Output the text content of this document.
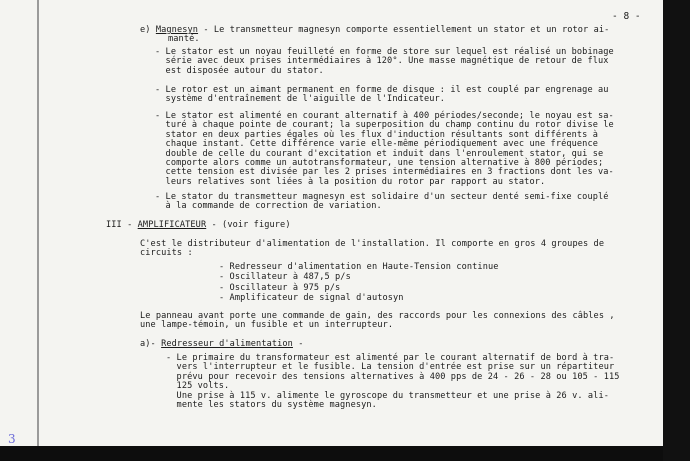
- 8 -
e) Magnesyn - Le transmetteur magnesyn comporte essentiellement un stator et un rotor ai-
manté.
- Le stator est un noyau feuilleté en forme de store sur lequel est réalisé un bobinage
série avec deux prises intermédiaires à 120°. Une masse magnétique de retour de flux
est disposée autour du stator.
- Le rotor est un aimant permanent en forme de disque : il est couplé par engrenage au
système d'entraînement de l'aiguille de l'Indicateur.
- Le stator est alimenté en courant alternatif à 400 périodes/seconde; le noyau est sa-
turé à chaque pointe de courant; la superposition du champ continu du rotor divise le
stator en deux parties égales où les flux d'induction résultants sont différents à
chaque instant. Cette différence varie elle-même périodiquement avec une fréquence
double de celle du courant d'excitation et induit dans l'enroulement stator, qui se
comporte alors comme un autotransformateur, une tension alternative à 800 périodes;
cette tension est divisée par les 2 prises intermédiaires en 3 fractions dont les va-
leurs relatives sont liées à la position du rotor par rapport au stator.
- Le stator du transmetteur magnesyn est solidaire d'un secteur denté semi-fixe couplé
à la commande de correction de variation.
III - AMPLIFICATEUR - (voir figure)
C'est le distributeur d'alimentation de l'installation. Il comporte en gros 4 groupes de
circuits :
- Redresseur d'alimentation en Haute-Tension continue
- Oscillateur à 487,5 p/s
- Oscillateur à 975 p/s
- Amplificateur de signal d'autosyn
Le panneau avant porte une commande de gain, des raccords pour les connexions des câbles ,
une lampe-témoin, un fusible et un interrupteur.
a)- Redresseur d'alimentation -
- Le primaire du transformateur est alimenté par le courant alternatif de bord à tra-
vers l'interrupteur et le fusible. La tension d'entrée est prise sur un répartiteur
prévu pour recevoir des tensions alternatives à 400 pps de 24 - 26 - 28 ou 105 - 115
125 volts.
Une prise à 115 v. alimente le gyroscope du transmetteur et une prise à 26 v. ali-
mente les stators du système magnesyn.
3
